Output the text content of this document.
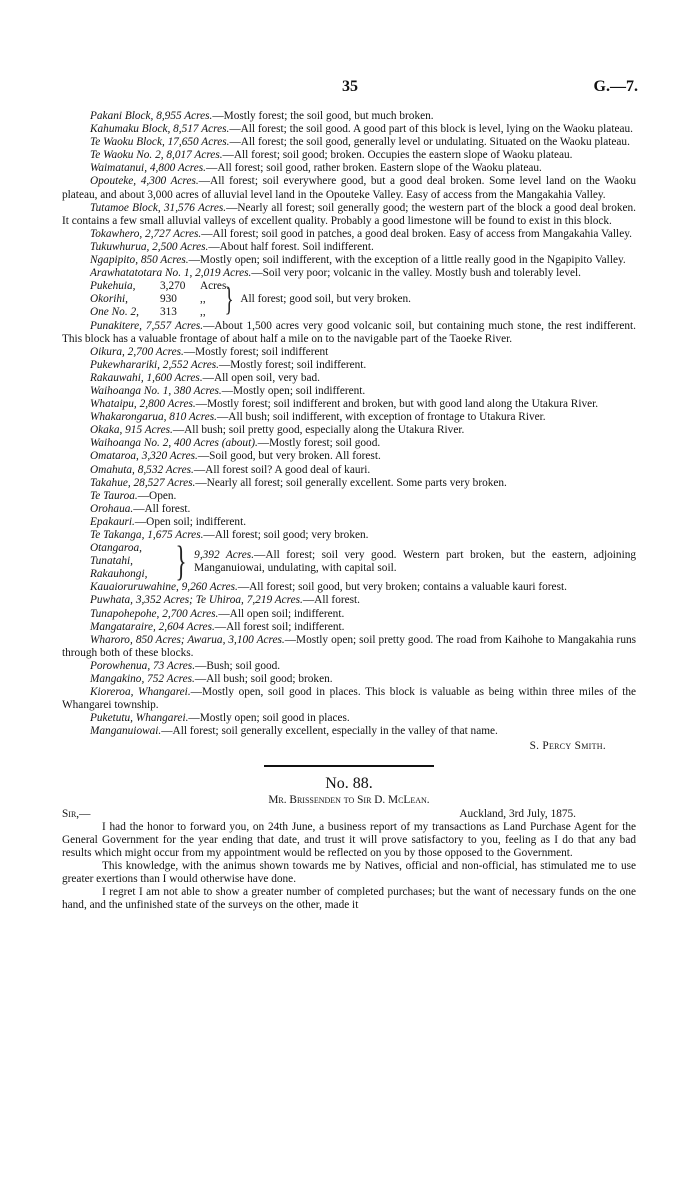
35	G.—7.

Pakani Block, 8,955 Acres.—Mostly forest; the soil good, but much broken.

Kahumaku Block, 8,517 Acres.—All forest; the soil good. A good part of this block is level, lying on the Waoku plateau.

Te Waoku Block, 17,650 Acres.—All forest; the soil good, generally level or undulating. Situated on the Waoku plateau.

Te Waoku No. 2, 8,017 Acres.—All forest; soil good; broken. Occupies the eastern slope of Waoku plateau.

Waimatanui, 4,800 Acres.—All forest; soil good, rather broken. Eastern slope of the Waoku plateau.

Opouteke, 4,300 Acres.—All forest; soil everywhere good, but a good deal broken. Some level land on the Waoku plateau, and about 3,000 acres of alluvial level land in the Opouteke Valley. Easy of access from the Mangakahia Valley.

Tutamoe Block, 31,576 Acres.—Nearly all forest; soil generally good; the western part of the block a good deal broken. It contains a few small alluvial valleys of excellent quality. Probably a good limestone will be found to exist in this block.

Tokawhero, 2,727 Acres.—All forest; soil good in patches, a good deal broken. Easy of access from Mangakahia Valley.

Tukuwhurua, 2,500 Acres.—About half forest. Soil indifferent.

Ngapipito, 850 Acres.—Mostly open; soil indifferent, with the exception of a little really good in the Ngapipito Valley.

Arawhatatotara No. 1, 2,019 Acres.—Soil very poor; volcanic in the valley. Mostly bush and tolerably level.

Pukehuia,	3,270	Acres.
Okorihi,	930	,,
One No. 2,	313	,, } All forest; good soil, but very broken.

Punakitere, 7,557 Acres.—About 1,500 acres very good volcanic soil, but containing much stone, the rest indifferent. This block has a valuable frontage of about half a mile on to the navigable part of the Taoeke River.

Oikura, 2,700 Acres.—Mostly forest; soil indifferent

Pukewharariki, 2,552 Acres.—Mostly forest; soil indifferent.

Rakauwahi, 1,600 Acres.—All open soil, very bad.

Waihoanga No. 1, 380 Acres.—Mostly open; soil indifferent.

Whataipu, 2,800 Acres.—Mostly forest; soil indifferent and broken, but with good land along the Utakura River.

Whakarongarua, 810 Acres.—All bush; soil indifferent, with exception of frontage to Utakura River.

Okaka, 915 Acres.—All bush; soil pretty good, especially along the Utakura River.

Waihoanga No. 2, 400 Acres (about).—Mostly forest; soil good.

Omataroa, 3,320 Acres.—Soil good, but very broken. All forest.

Omahuta, 8,532 Acres.—All forest soil? A good deal of kauri.

Takahue, 28,527 Acres.—Nearly all forest; soil generally excellent. Some parts very broken.

Te Tauroa.—Open.

Orohaua.—All forest.

Epakauri.—Open soil; indifferent.

Te Takanga, 1,675 Acres.—All forest; soil good; very broken.

Otangaroa,
Tunatahi,
Rakauhongi, } 9,392 Acres.—All forest; soil very good. Western part broken, but the eastern, adjoining Manganuiowai, undulating, with capital soil.

Kauaioruruwahine, 9,260 Acres.—All forest; soil good, but very broken; contains a valuable kauri forest.

Puwhata, 3,352 Acres; Te Uhiroa, 7,219 Acres.—All forest.

Tunapohepohe, 2,700 Acres.—All open soil; indifferent.

Mangataraire, 2,604 Acres.—All forest soil; indifferent.

Wharoro, 850 Acres; Awarua, 3,100 Acres.—Mostly open; soil pretty good. The road from Kaihohe to Mangakahia runs through both of these blocks.

Porowhenua, 73 Acres.—Bush; soil good.

Mangakino, 752 Acres.—All bush; soil good; broken.

Kioreroa, Whangarei.—Mostly open, soil good in places. This block is valuable as being within three miles of the Whangarei township.

Puketutu, Whangarei.—Mostly open; soil good in places.

Manganuiowai.—All forest; soil generally excellent, especially in the valley of that name.

S. Percy Smith.
No. 88.
Mr. Brissenden to Sir D. McLean.
Sir,—	Auckland, 3rd July, 1875.

I had the honor to forward you, on 24th June, a business report of my transactions as Land Purchase Agent for the General Government for the year ending that date, and trust it will prove satisfactory to you, feeling as I do that any bad results which might occur from my appointment would be reflected on you by those opposed to the Government.

This knowledge, with the animus shown towards me by Natives, official and non-official, has stimulated me to use greater exertions than I would otherwise have done.

I regret I am not able to show a greater number of completed purchases; but the want of necessary funds on the one hand, and the unfinished state of the surveys on the other, made it
